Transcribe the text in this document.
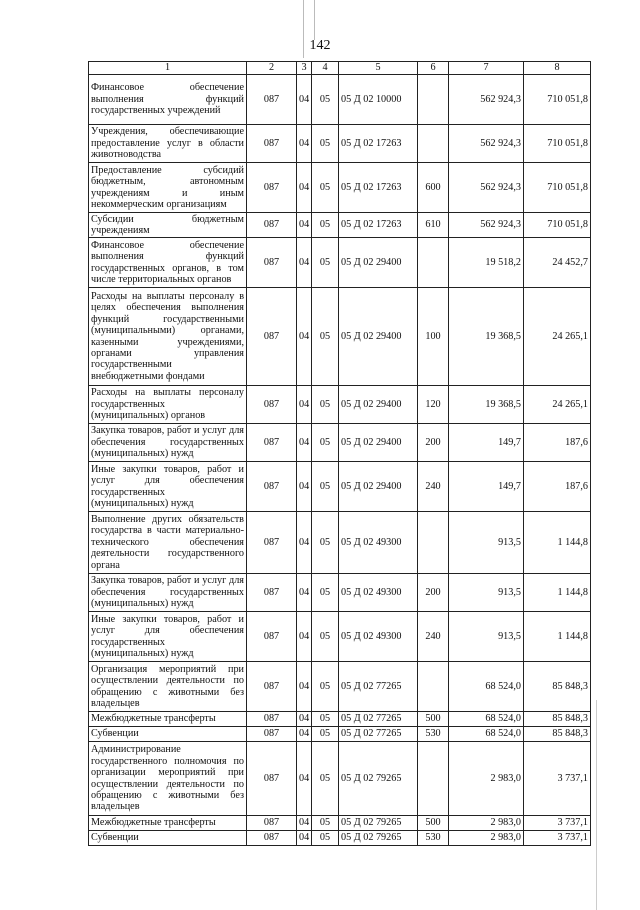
142
1	2	3	4	5	6	7	8
Финансовое обеспечение выполнения функций государственных учреждений	087	04	05	05 Д 02 10000		562 924,3	710 051,8
Учреждения, обеспечивающие предоставление услуг в области животноводства	087	04	05	05 Д 02 17263		562 924,3	710 051,8
Предоставление субсидий бюджетным, автономным учреждениям и иным некоммерческим организациям	087	04	05	05 Д 02 17263	600	562 924,3	710 051,8
Субсидии бюджетным учреждениям	087	04	05	05 Д 02 17263	610	562 924,3	710 051,8
Финансовое обеспечение выполнения функций государственных органов, в том числе территориальных органов	087	04	05	05 Д 02 29400		19 518,2	24 452,7
Расходы на выплаты персоналу в целях обеспечения выполнения функций государственными (муниципальными) органами, казенными учреждениями, органами управления государственными внебюджетными фондами	087	04	05	05 Д 02 29400	100	19 368,5	24 265,1
Расходы на выплаты персоналу государственных (муниципальных) органов	087	04	05	05 Д 02 29400	120	19 368,5	24 265,1
Закупка товаров, работ и услуг для обеспечения государственных (муниципальных) нужд	087	04	05	05 Д 02 29400	200	149,7	187,6
Иные закупки товаров, работ и услуг для обеспечения государственных (муниципальных) нужд	087	04	05	05 Д 02 29400	240	149,7	187,6
Выполнение других обязательств государства в части материально-технического обеспечения деятельности государственного органа	087	04	05	05 Д 02 49300		913,5	1 144,8
Закупка товаров, работ и услуг для обеспечения государственных (муниципальных) нужд	087	04	05	05 Д 02 49300	200	913,5	1 144,8
Иные закупки товаров, работ и услуг для обеспечения государственных (муниципальных) нужд	087	04	05	05 Д 02 49300	240	913,5	1 144,8
Организация мероприятий при осуществлении деятельности по обращению с животными без владельцев	087	04	05	05 Д 02 77265		68 524,0	85 848,3
Межбюджетные трансферты	087	04	05	05 Д 02 77265	500	68 524,0	85 848,3
Субвенции	087	04	05	05 Д 02 77265	530	68 524,0	85 848,3
Администрирование государственного полномочия по организации мероприятий при осуществлении деятельности по обращению с животными без владельцев	087	04	05	05 Д 02 79265		2 983,0	3 737,1
Межбюджетные трансферты	087	04	05	05 Д 02 79265	500	2 983,0	3 737,1
Субвенции	087	04	05	05 Д 02 79265	530	2 983,0	3 737,1
